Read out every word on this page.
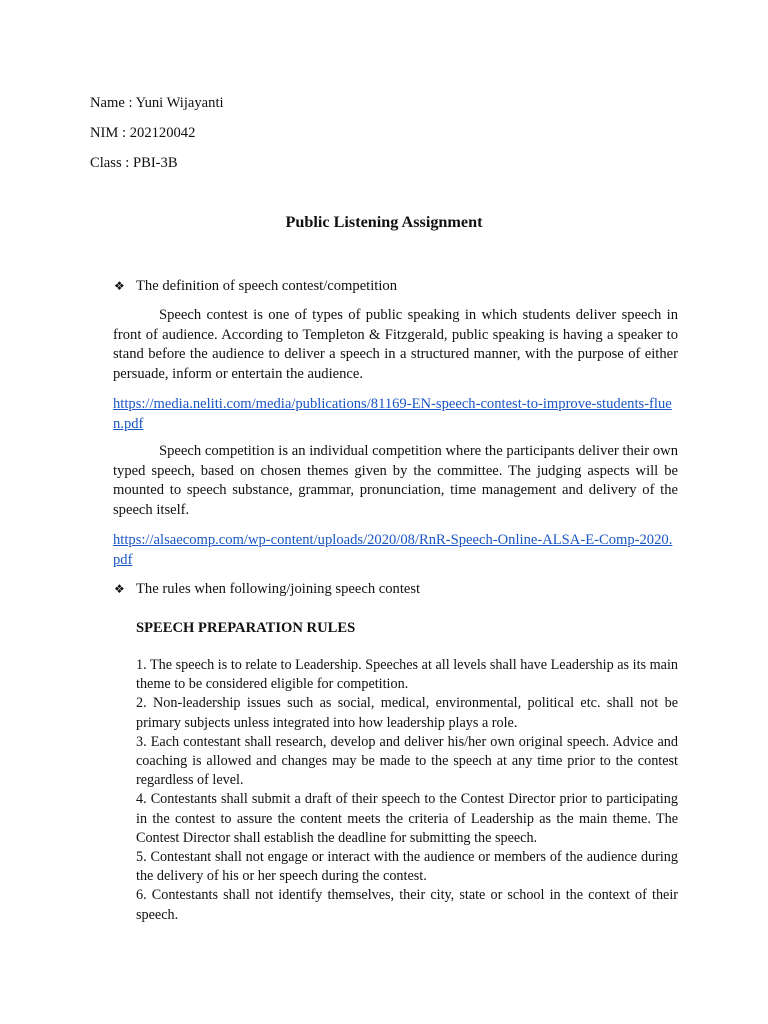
Name : Yuni Wijayanti
NIM : 202120042
Class : PBI-3B
Public Listening Assignment
❖ The definition of speech contest/competition

Speech contest is one of types of public speaking in which students deliver speech in front of audience. According to Templeton & Fitzgerald, public speaking is having a speaker to stand before the audience to deliver a speech in a structured manner, with the purpose of either persuade, inform or entertain the audience.

https://media.neliti.com/media/publications/81169-EN-speech-contest-to-improve-students-fluen.pdf

Speech competition is an individual competition where the participants deliver their own typed speech, based on chosen themes given by the committee. The judging aspects will be mounted to speech substance, grammar, pronunciation, time management and delivery of the speech itself.

https://alsaecomp.com/wp-content/uploads/2020/08/RnR-Speech-Online-ALSA-E-Comp-2020.pdf

❖ The rules when following/joining speech contest
SPEECH PREPARATION RULES

1. The speech is to relate to Leadership. Speeches at all levels shall have Leadership as its main theme to be considered eligible for competition.

2. Non-leadership issues such as social, medical, environmental, political etc. shall not be primary subjects unless integrated into how leadership plays a role.

3. Each contestant shall research, develop and deliver his/her own original speech. Advice and coaching is allowed and changes may be made to the speech at any time prior to the contest regardless of level.

4. Contestants shall submit a draft of their speech to the Contest Director prior to participating in the contest to assure the content meets the criteria of Leadership as the main theme. The Contest Director shall establish the deadline for submitting the speech.

5. Contestant shall not engage or interact with the audience or members of the audience during the delivery of his or her speech during the contest.

6. Contestants shall not identify themselves, their city, state or school in the context of their speech.
